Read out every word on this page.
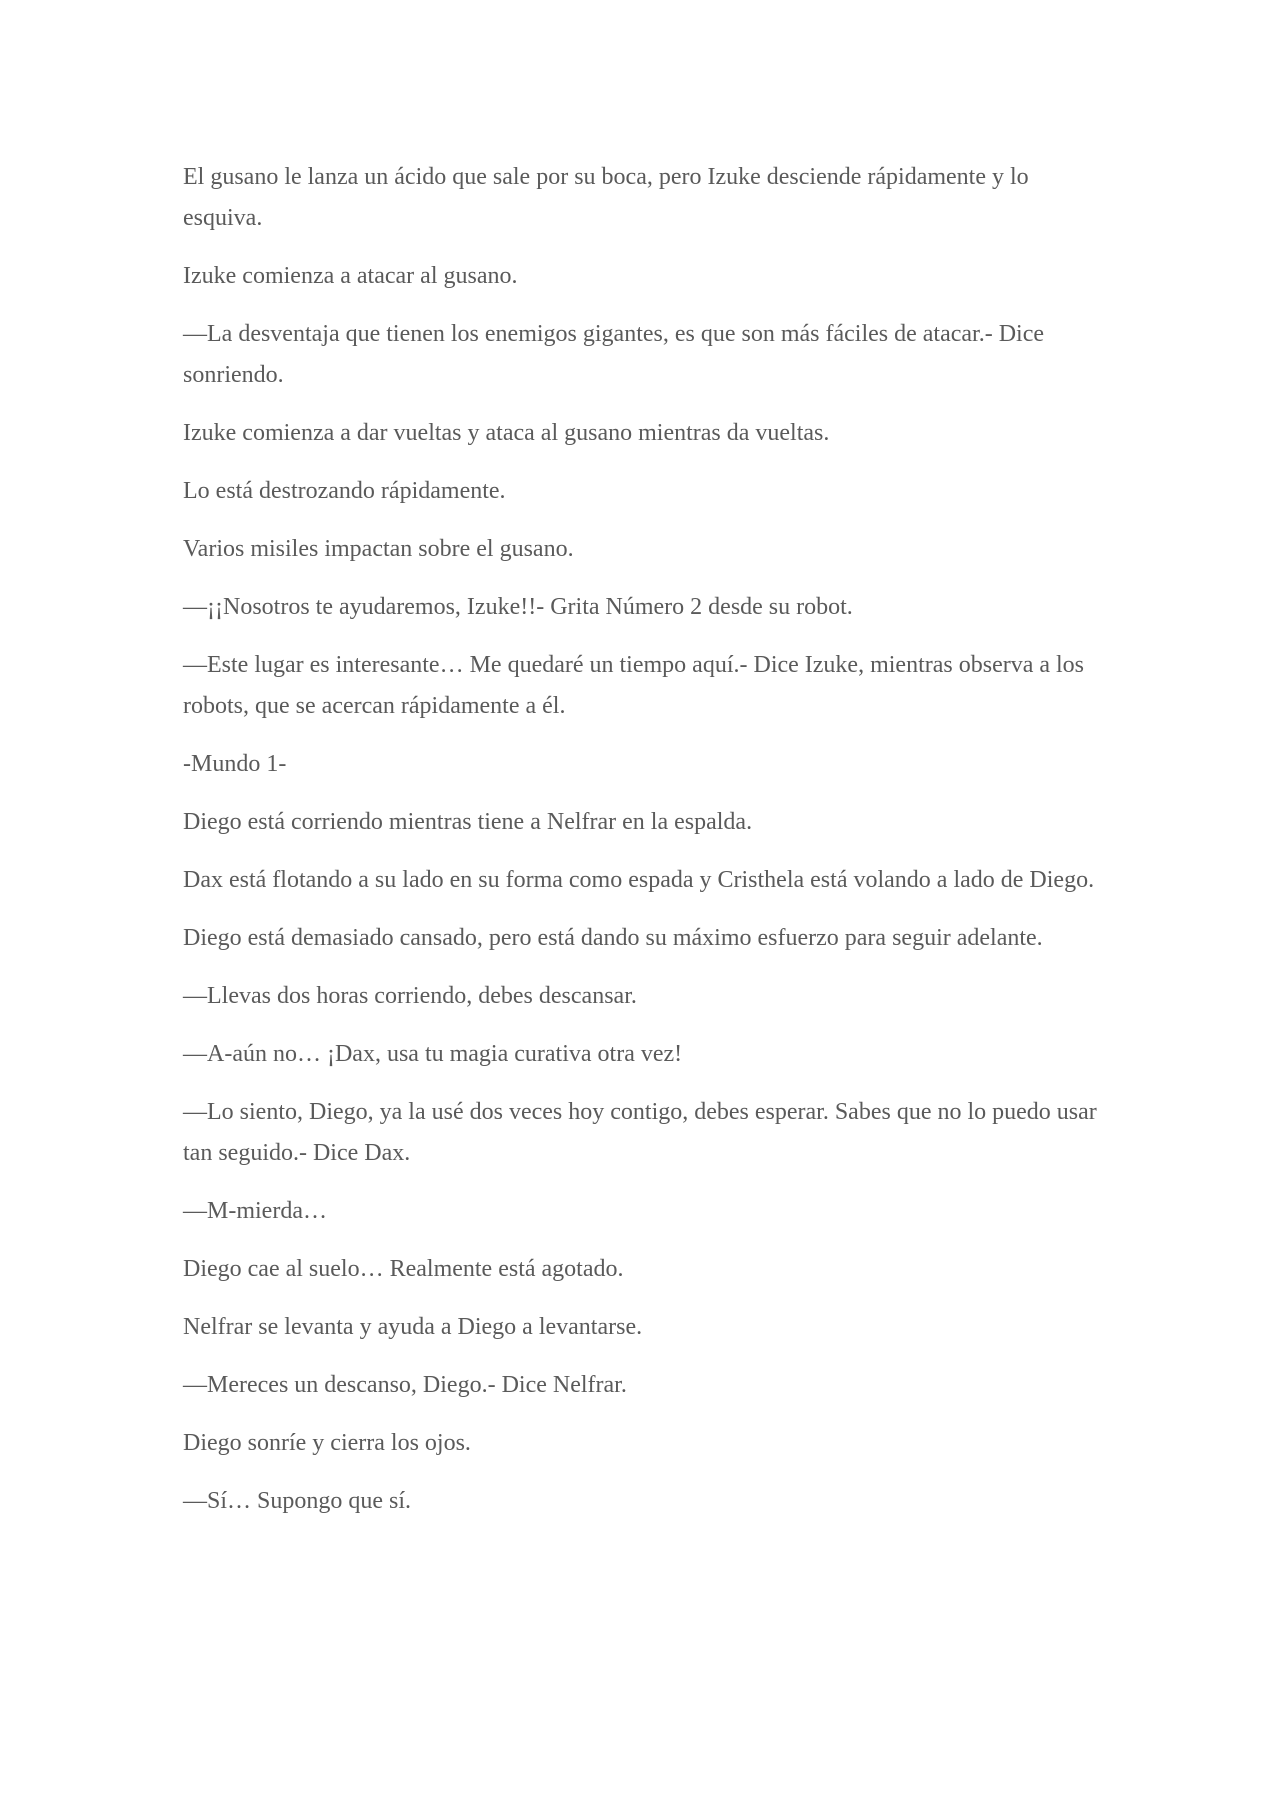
El gusano le lanza un ácido que sale por su boca, pero Izuke desciende rápidamente y lo esquiva.

Izuke comienza a atacar al gusano.

—La desventaja que tienen los enemigos gigantes, es que son más fáciles de atacar.- Dice sonriendo.

Izuke comienza a dar vueltas y ataca al gusano mientras da vueltas.

Lo está destrozando rápidamente.

Varios misiles impactan sobre el gusano.

—¡¡Nosotros te ayudaremos, Izuke!!- Grita Número 2 desde su robot.

—Este lugar es interesante… Me quedaré un tiempo aquí.- Dice Izuke, mientras observa a los robots, que se acercan rápidamente a él.

-Mundo 1-

Diego está corriendo mientras tiene a Nelfrar en la espalda.

Dax está flotando a su lado en su forma como espada y Cristhela está volando a lado de Diego.

Diego está demasiado cansado, pero está dando su máximo esfuerzo para seguir adelante.

—Llevas dos horas corriendo, debes descansar.

—A-aún no… ¡Dax, usa tu magia curativa otra vez!

—Lo siento, Diego, ya la usé dos veces hoy contigo, debes esperar. Sabes que no lo puedo usar tan seguido.- Dice Dax.

—M-mierda…

Diego cae al suelo… Realmente está agotado.

Nelfrar se levanta y ayuda a Diego a levantarse.

—Mereces un descanso, Diego.- Dice Nelfrar.

Diego sonríe y cierra los ojos.

—Sí… Supongo que sí.
